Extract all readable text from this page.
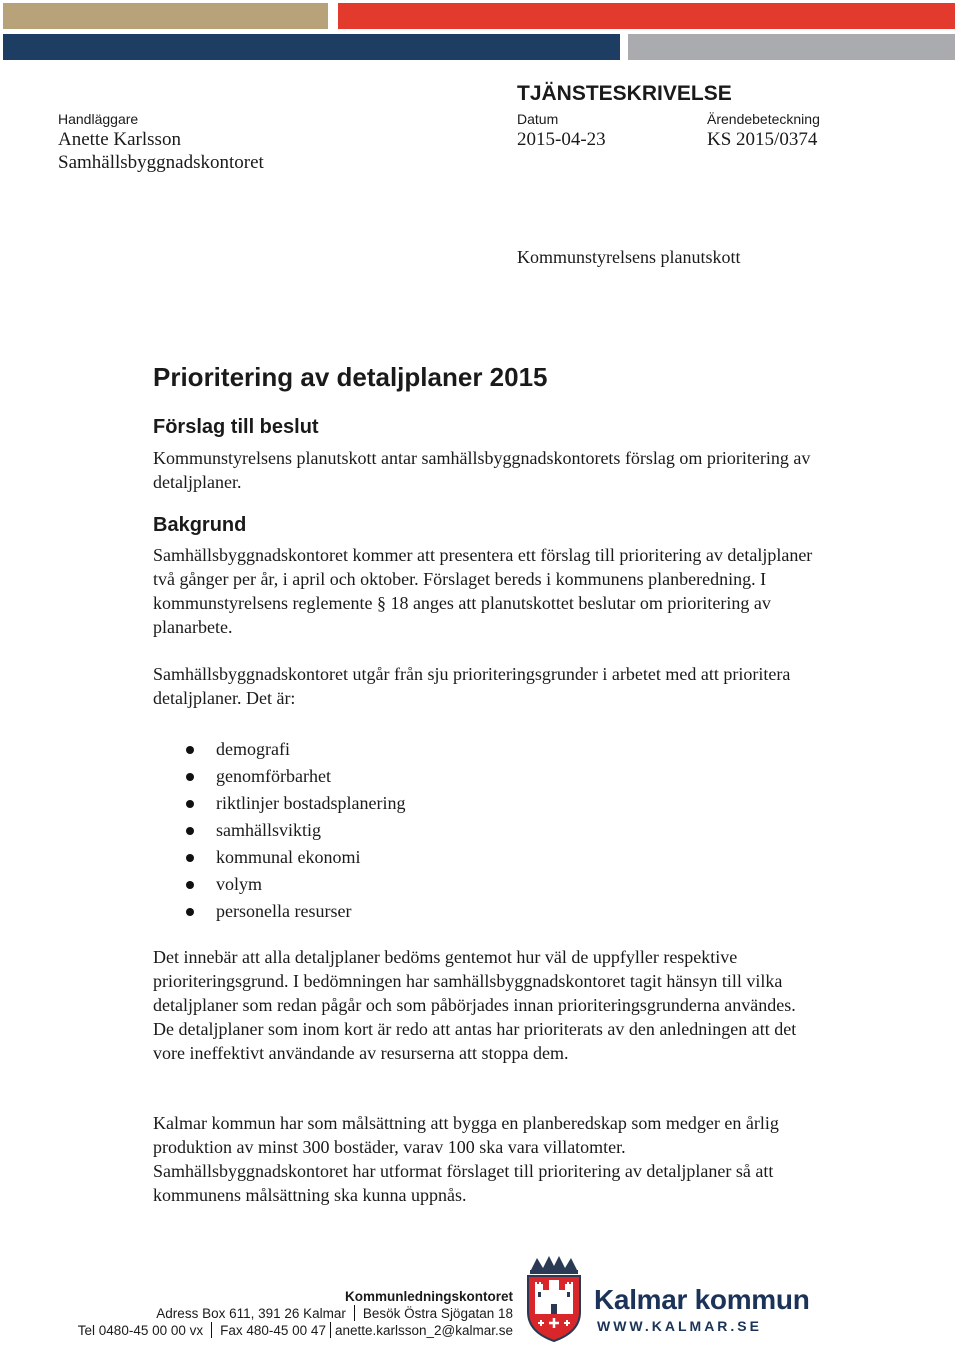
TJÄNSTESKRIVELSE
Handläggare
Anette Karlsson
Samhällsbyggnadskontoret
Datum
2015-04-23
Ärendebeteckning
KS 2015/0374
Kommunstyrelsens planutskott
Prioritering av detaljplaner 2015
Förslag till beslut

Kommunstyrelsens planutskott antar samhällsbyggnadskontorets förslag om prioritering av detaljplaner.

Bakgrund

Samhällsbyggnadskontoret kommer att presentera ett förslag till prioritering av detaljplaner två gånger per år, i april och oktober. Förslaget bereds i kommunens planberedning. I kommunstyrelsens reglemente § 18 anges att planutskottet beslutar om prioritering av planarbete.

Samhällsbyggnadskontoret utgår från sju prioriteringsgrunder i arbetet med att prioritera detaljplaner. Det är:

demografi
genomförbarhet
riktlinjer bostadsplanering
samhällsviktig
kommunal ekonomi
volym
personella resurser

Det innebär att alla detaljplaner bedöms gentemot hur väl de uppfyller respektive prioriteringsgrund. I bedömningen har samhällsbyggnadskontoret tagit hänsyn till vilka detaljplaner som redan pågår och som påbörjades innan prioriteringsgrunderna användes. De detaljplaner som inom kort är redo att antas har prioriterats av den anledningen att det vore ineffektivt användande av resurserna att stoppa dem.

Kalmar kommun har som målsättning att bygga en planberedskap som medger en årlig produktion av minst 300 bostäder, varav 100 ska vara villatomter. Samhällsbyggnadskontoret har utformat förslaget till prioritering av detaljplaner så att kommunens målsättning ska kunna uppnås.

Kommunledningskontoret
Adress Box 611, 391 26 Kalmar Besök Östra Sjögatan 18
Tel 0480-45 00 00 vx Fax 480-45 00 47 anette.karlsson_2@kalmar.se
Kalmar kommun
WWW.KALMAR.SE
